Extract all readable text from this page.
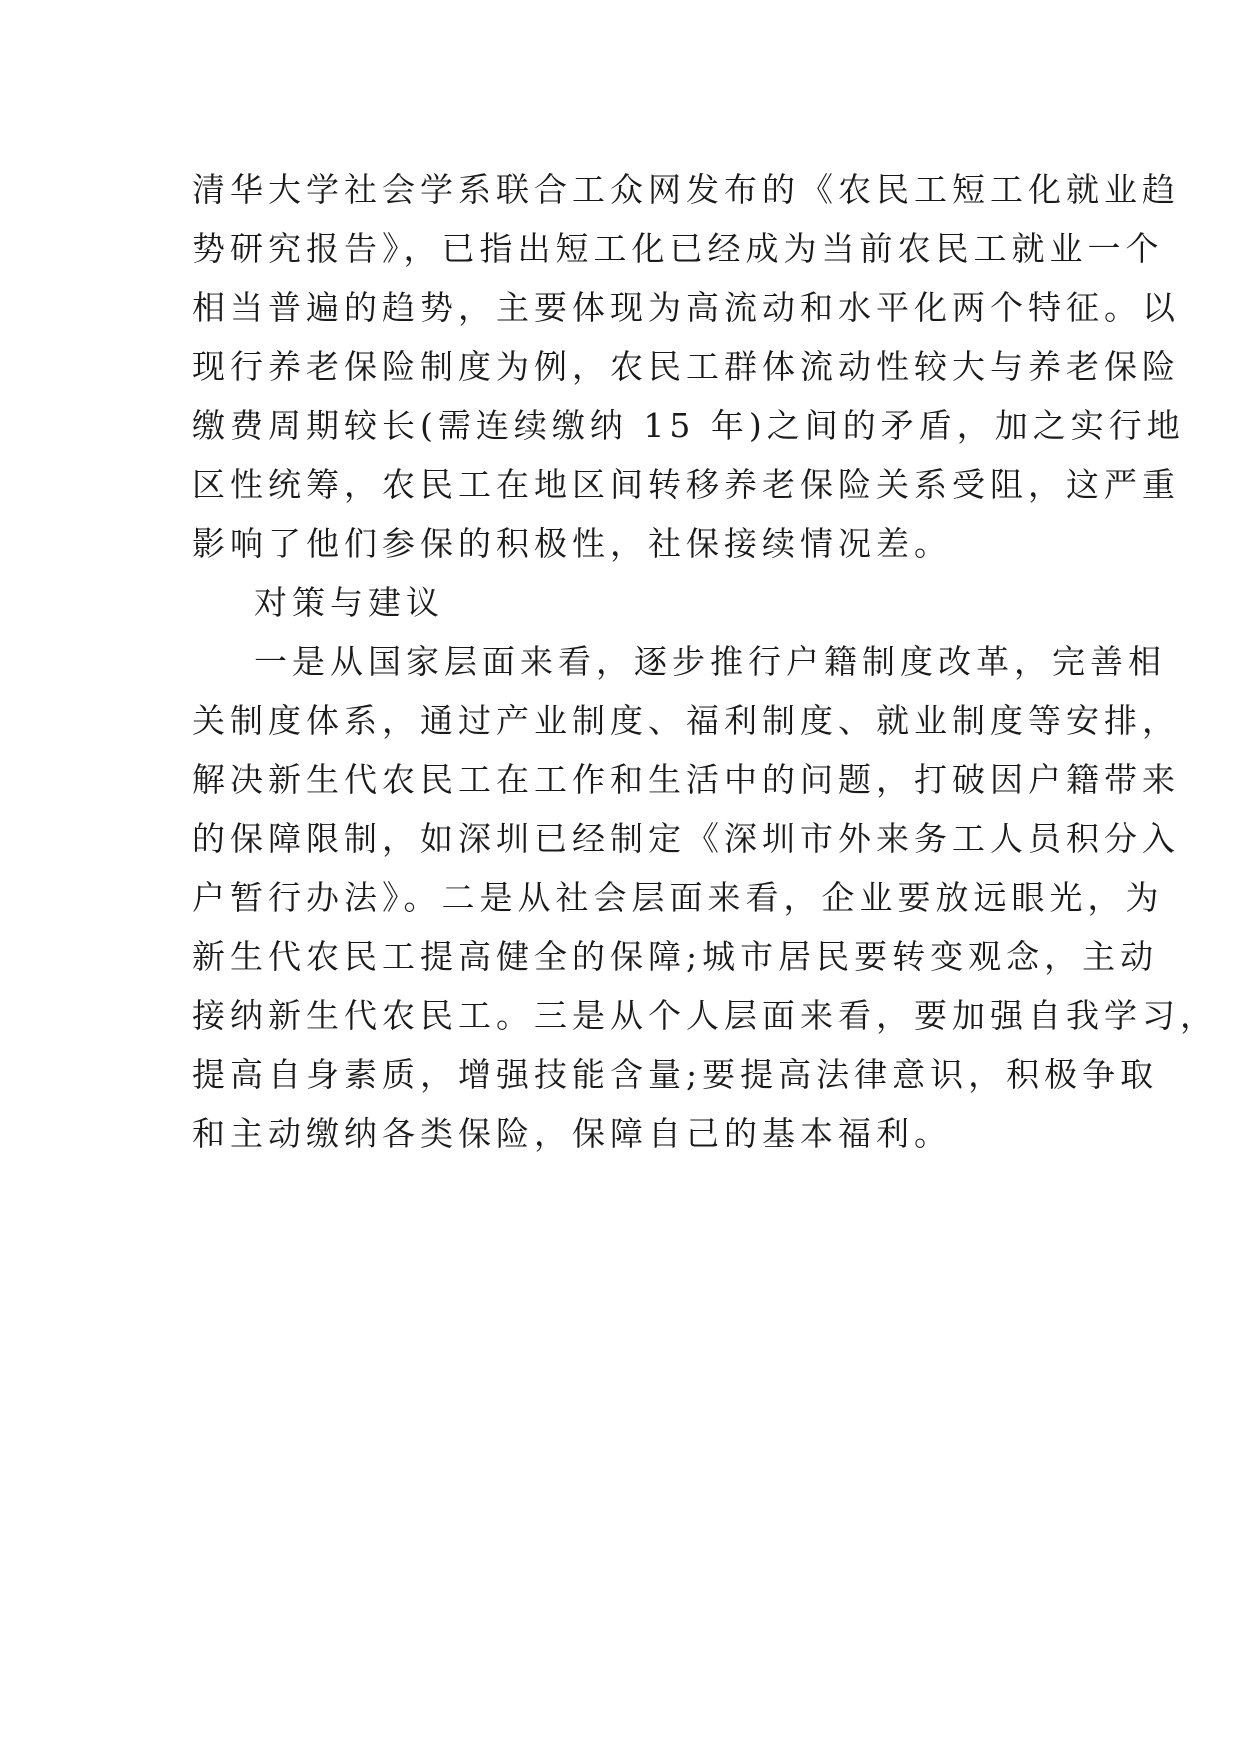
清华大学社会学系联合工众网发布的《农民工短工化就业趋
势研究报告》，已指出短工化已经成为当前农民工就业一个
相当普遍的趋势，主要体现为高流动和水平化两个特征。以
现行养老保险制度为例，农民工群体流动性较大与养老保险
缴费周期较长(需连续缴纳 15 年)之间的矛盾，加之实行地
区性统筹，农民工在地区间转移养老保险关系受阻，这严重
影响了他们参保的积极性，社保接续情况差。
对策与建议
一是从国家层面来看，逐步推行户籍制度改革，完善相
关制度体系，通过产业制度、福利制度、就业制度等安排，
解决新生代农民工在工作和生活中的问题，打破因户籍带来
的保障限制，如深圳已经制定《深圳市外来务工人员积分入
户暂行办法》。二是从社会层面来看，企业要放远眼光，为
新生代农民工提高健全的保障;城市居民要转变观念，主动
接纳新生代农民工。三是从个人层面来看，要加强自我学习，
提高自身素质，增强技能含量;要提高法律意识，积极争取
和主动缴纳各类保险，保障自己的基本福利。
